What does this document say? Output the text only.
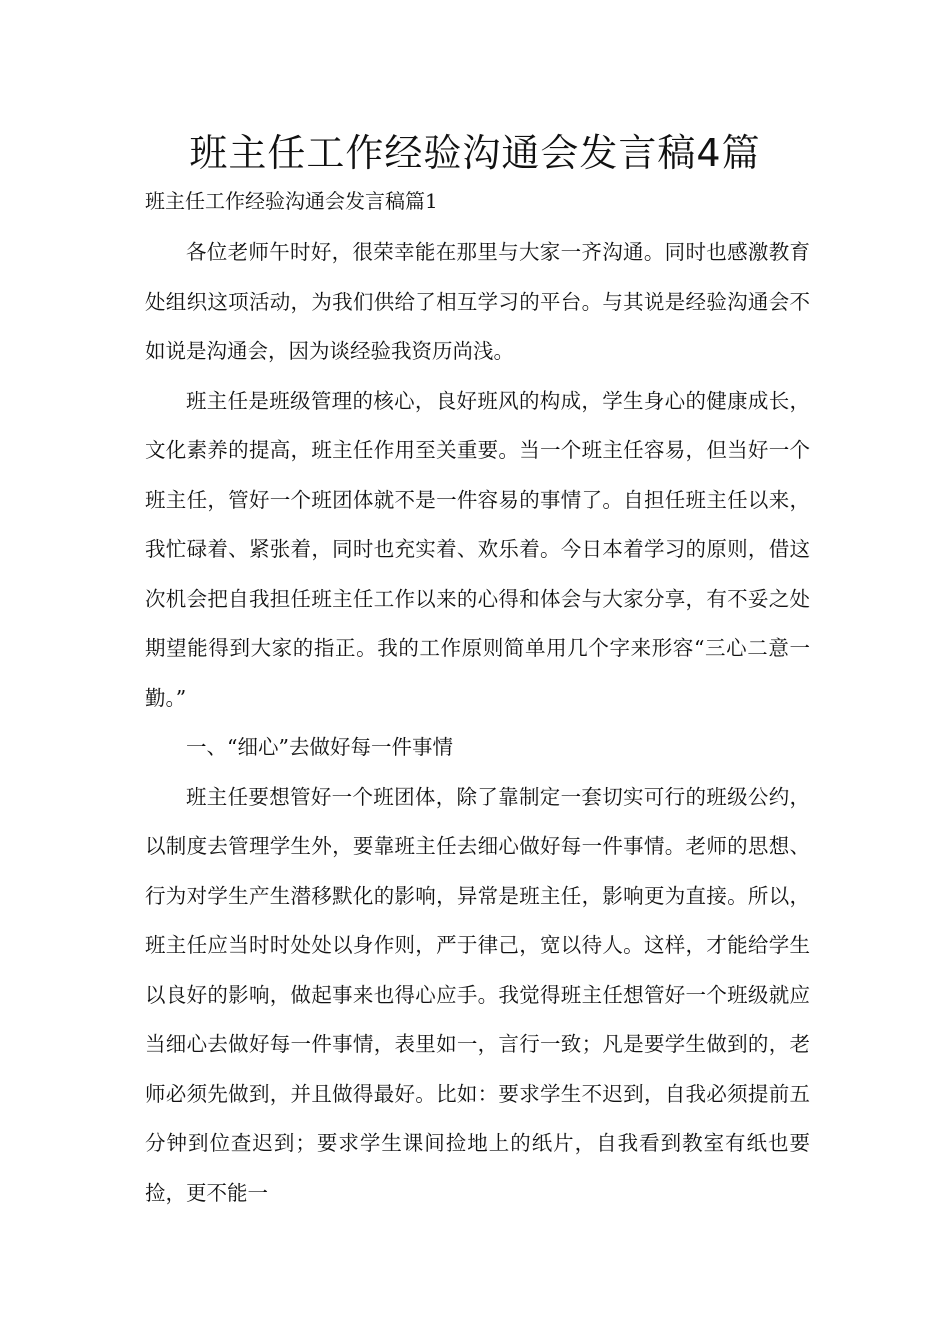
班主任工作经验沟通会发言稿4篇
班主任工作经验沟通会发言稿篇1

各位老师午时好，很荣幸能在那里与大家一齐沟通。同时也感激教育处组织这项活动，为我们供给了相互学习的平台。与其说是经验沟通会不如说是沟通会，因为谈经验我资历尚浅。

班主任是班级管理的核心，良好班风的构成，学生身心的健康成长，文化素养的提高，班主任作用至关重要。当一个班主任容易，但当好一个班主任，管好一个班团体就不是一件容易的事情了。自担任班主任以来，我忙碌着、紧张着，同时也充实着、欢乐着。今日本着学习的原则，借这次机会把自我担任班主任工作以来的心得和体会与大家分享，有不妥之处期望能得到大家的指正。我的工作原则简单用几个字来形容“三心二意一勤。”

一、“细心”去做好每一件事情

班主任要想管好一个班团体，除了靠制定一套切实可行的班级公约，以制度去管理学生外，要靠班主任去细心做好每一件事情。老师的思想、行为对学生产生潜移默化的影响，异常是班主任，影响更为直接。所以，班主任应当时时处处以身作则，严于律己，宽以待人。这样，才能给学生以良好的影响，做起事来也得心应手。我觉得班主任想管好一个班级就应当细心去做好每一件事情，表里如一，言行一致；凡是要学生做到的，老师必须先做到，并且做得最好。比如：要求学生不迟到，自我必须提前五分钟到位查迟到；要求学生课间捡地上的纸片，自我看到教室有纸也要捡，更不能一
